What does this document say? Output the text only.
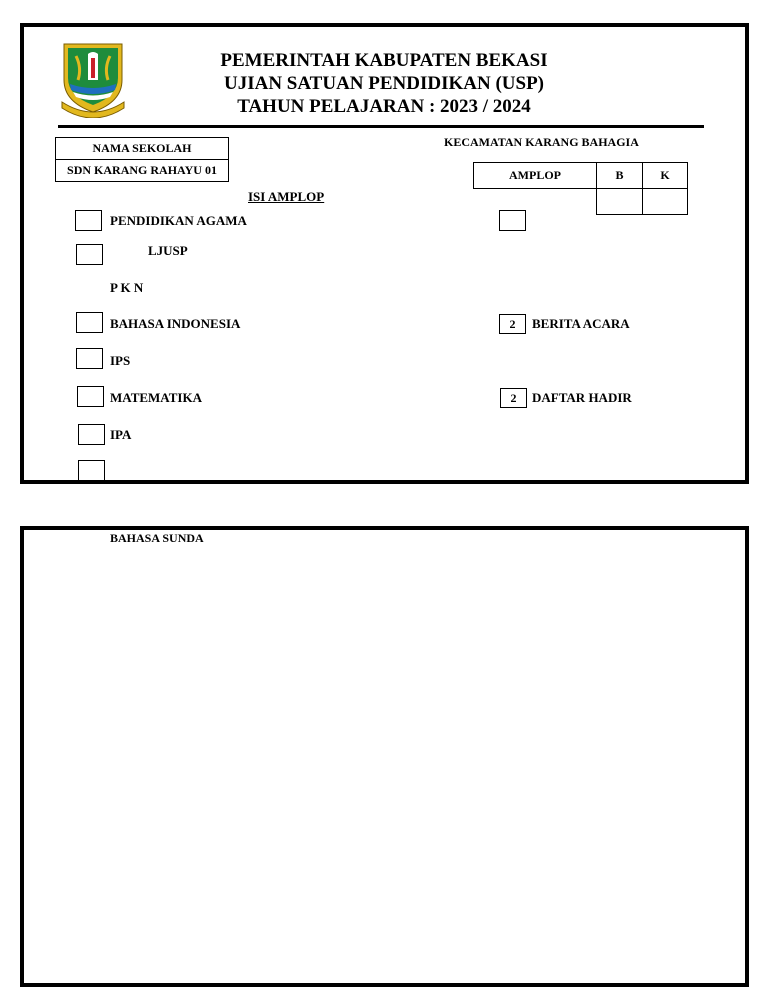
PEMERINTAH KABUPATEN BEKASI
UJIAN SATUAN PENDIDIKAN (USP)
TAHUN PELAJARAN : 2023 / 2024
NAMA SEKOLAH
SDN KARANG RAHAYU 01
KECAMATAN KARANG BAHAGIA
AMPLOP	B	K
ISI AMPLOP
PENDIDIKAN AGAMA
LJUSP
P K N
BAHASA INDONESIA
IPS
MATEMATIKA
IPA
2	BERITA ACARA
2	DAFTAR HADIR
BAHASA SUNDA
